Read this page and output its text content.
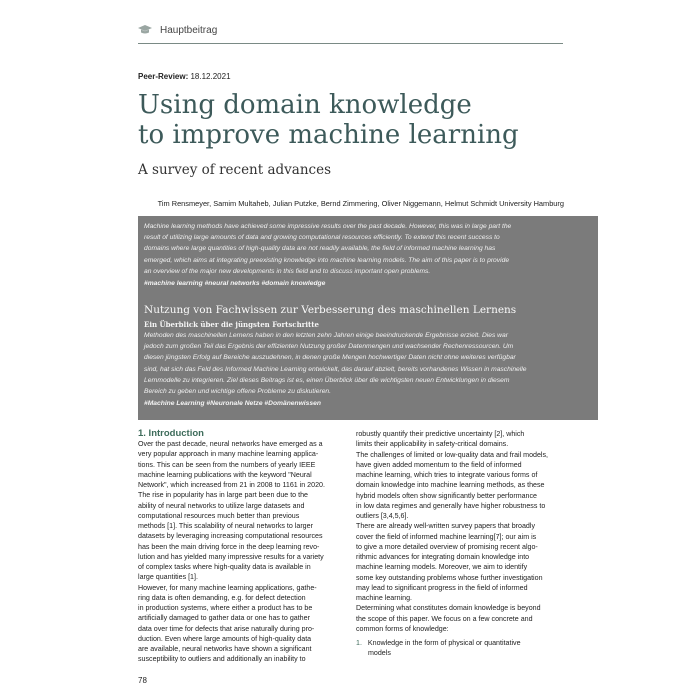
Hauptbeitrag
Peer-Review: 18.12.2021
Using domain knowledge
to improve machine learning
A survey of recent advances
Tim Rensmeyer, Samim Multaheb, Julian Putzke, Bernd Zimmering, Oliver Niggemann, Helmut Schmidt University Hamburg
Machine learning methods have achieved some impressive results over the past decade. However, this was in large part the
result of utilizing large amounts of data and growing computational resources efficiently. To extend this recent success to
domains where large quantities of high-quality data are not readily available, the field of informed machine learning has
emerged, which aims at integrating preexisting knowledge into machine learning models. The aim of this paper is to provide
an overview of the major new developments in this field and to discuss important open problems.
#machine learning #neural networks #domain knowledge
Nutzung von Fachwissen zur Verbesserung des maschinellen Lernens
Ein Überblick über die jüngsten Fortschritte
Methoden des maschinellen Lernens haben in den letzten zehn Jahren einige beeindruckende Ergebnisse erzielt. Dies war
jedoch zum großen Teil das Ergebnis der effizienten Nutzung großer Datenmengen und wachsender Rechenressourcen. Um
diesen jüngsten Erfolg auf Bereiche auszudehnen, in denen große Mengen hochwertiger Daten nicht ohne weiteres verfügbar
sind, hat sich das Feld des Informed Machine Learning entwickelt, das darauf abzielt, bereits vorhandenes Wissen in maschinelle
Lernmodelle zu integrieren. Ziel dieses Beitrags ist es, einen Überblick über die wichtigsten neuen Entwicklungen in diesem
Bereich zu geben und wichtige offene Probleme zu diskutieren.
#Machine Learning #Neuronale Netze #Domänenwissen
1. Introduction

Over the past decade, neural networks have emerged as a

very popular approach in many machine learning applica-

tions. This can be seen from the numbers of yearly IEEE

machine learning publications with the keyword "Neural

Network", which increased from 21 in 2008 to 1161 in 2020.

The rise in popularity has in large part been due to the

ability of neural networks to utilize large datasets and

computational resources much better than previous

methods [1]. This scalability of neural networks to larger

datasets by leveraging increasing computational resources

has been the main driving force in the deep learning revo-

lution and has yielded many impressive results for a variety

of complex tasks where high-quality data is available in

large quantities [1].

However, for many machine learning applications, gathe-

ring data is often demanding, e.g. for defect detection

in production systems, where either a product has to be

artificially damaged to gather data or one has to gather

data over time for defects that arise naturally during pro-

duction. Even where large amounts of high-quality data

are available, neural networks have shown a significant

susceptibility to outliers and additionally an inability to

robustly quantify their predictive uncertainty [2], which

limits their applicability in safety-critical domains.

The challenges of limited or low-quality data and frail models,

have given added momentum to the field of informed

machine learning, which tries to integrate various forms of

domain knowledge into machine learning methods, as these

hybrid models often show significantly better performance

in low data regimes and generally have higher robustness to

outliers [3,4,5,6].

There are already well-written survey papers that broadly

cover the field of informed machine learning[7]; our aim is

to give a more detailed overview of promising recent algo-

rithmic advances for integrating domain knowledge into

machine learning models. Moreover, we aim to identify

some key outstanding problems whose further investigation

may lead to significant progress in the field of informed

machine learning.

Determining what constitutes domain knowledge is beyond

the scope of this paper. We focus on a few concrete and

common forms of knowledge:

1. Knowledge in the form of physical or quantitative

models

78
